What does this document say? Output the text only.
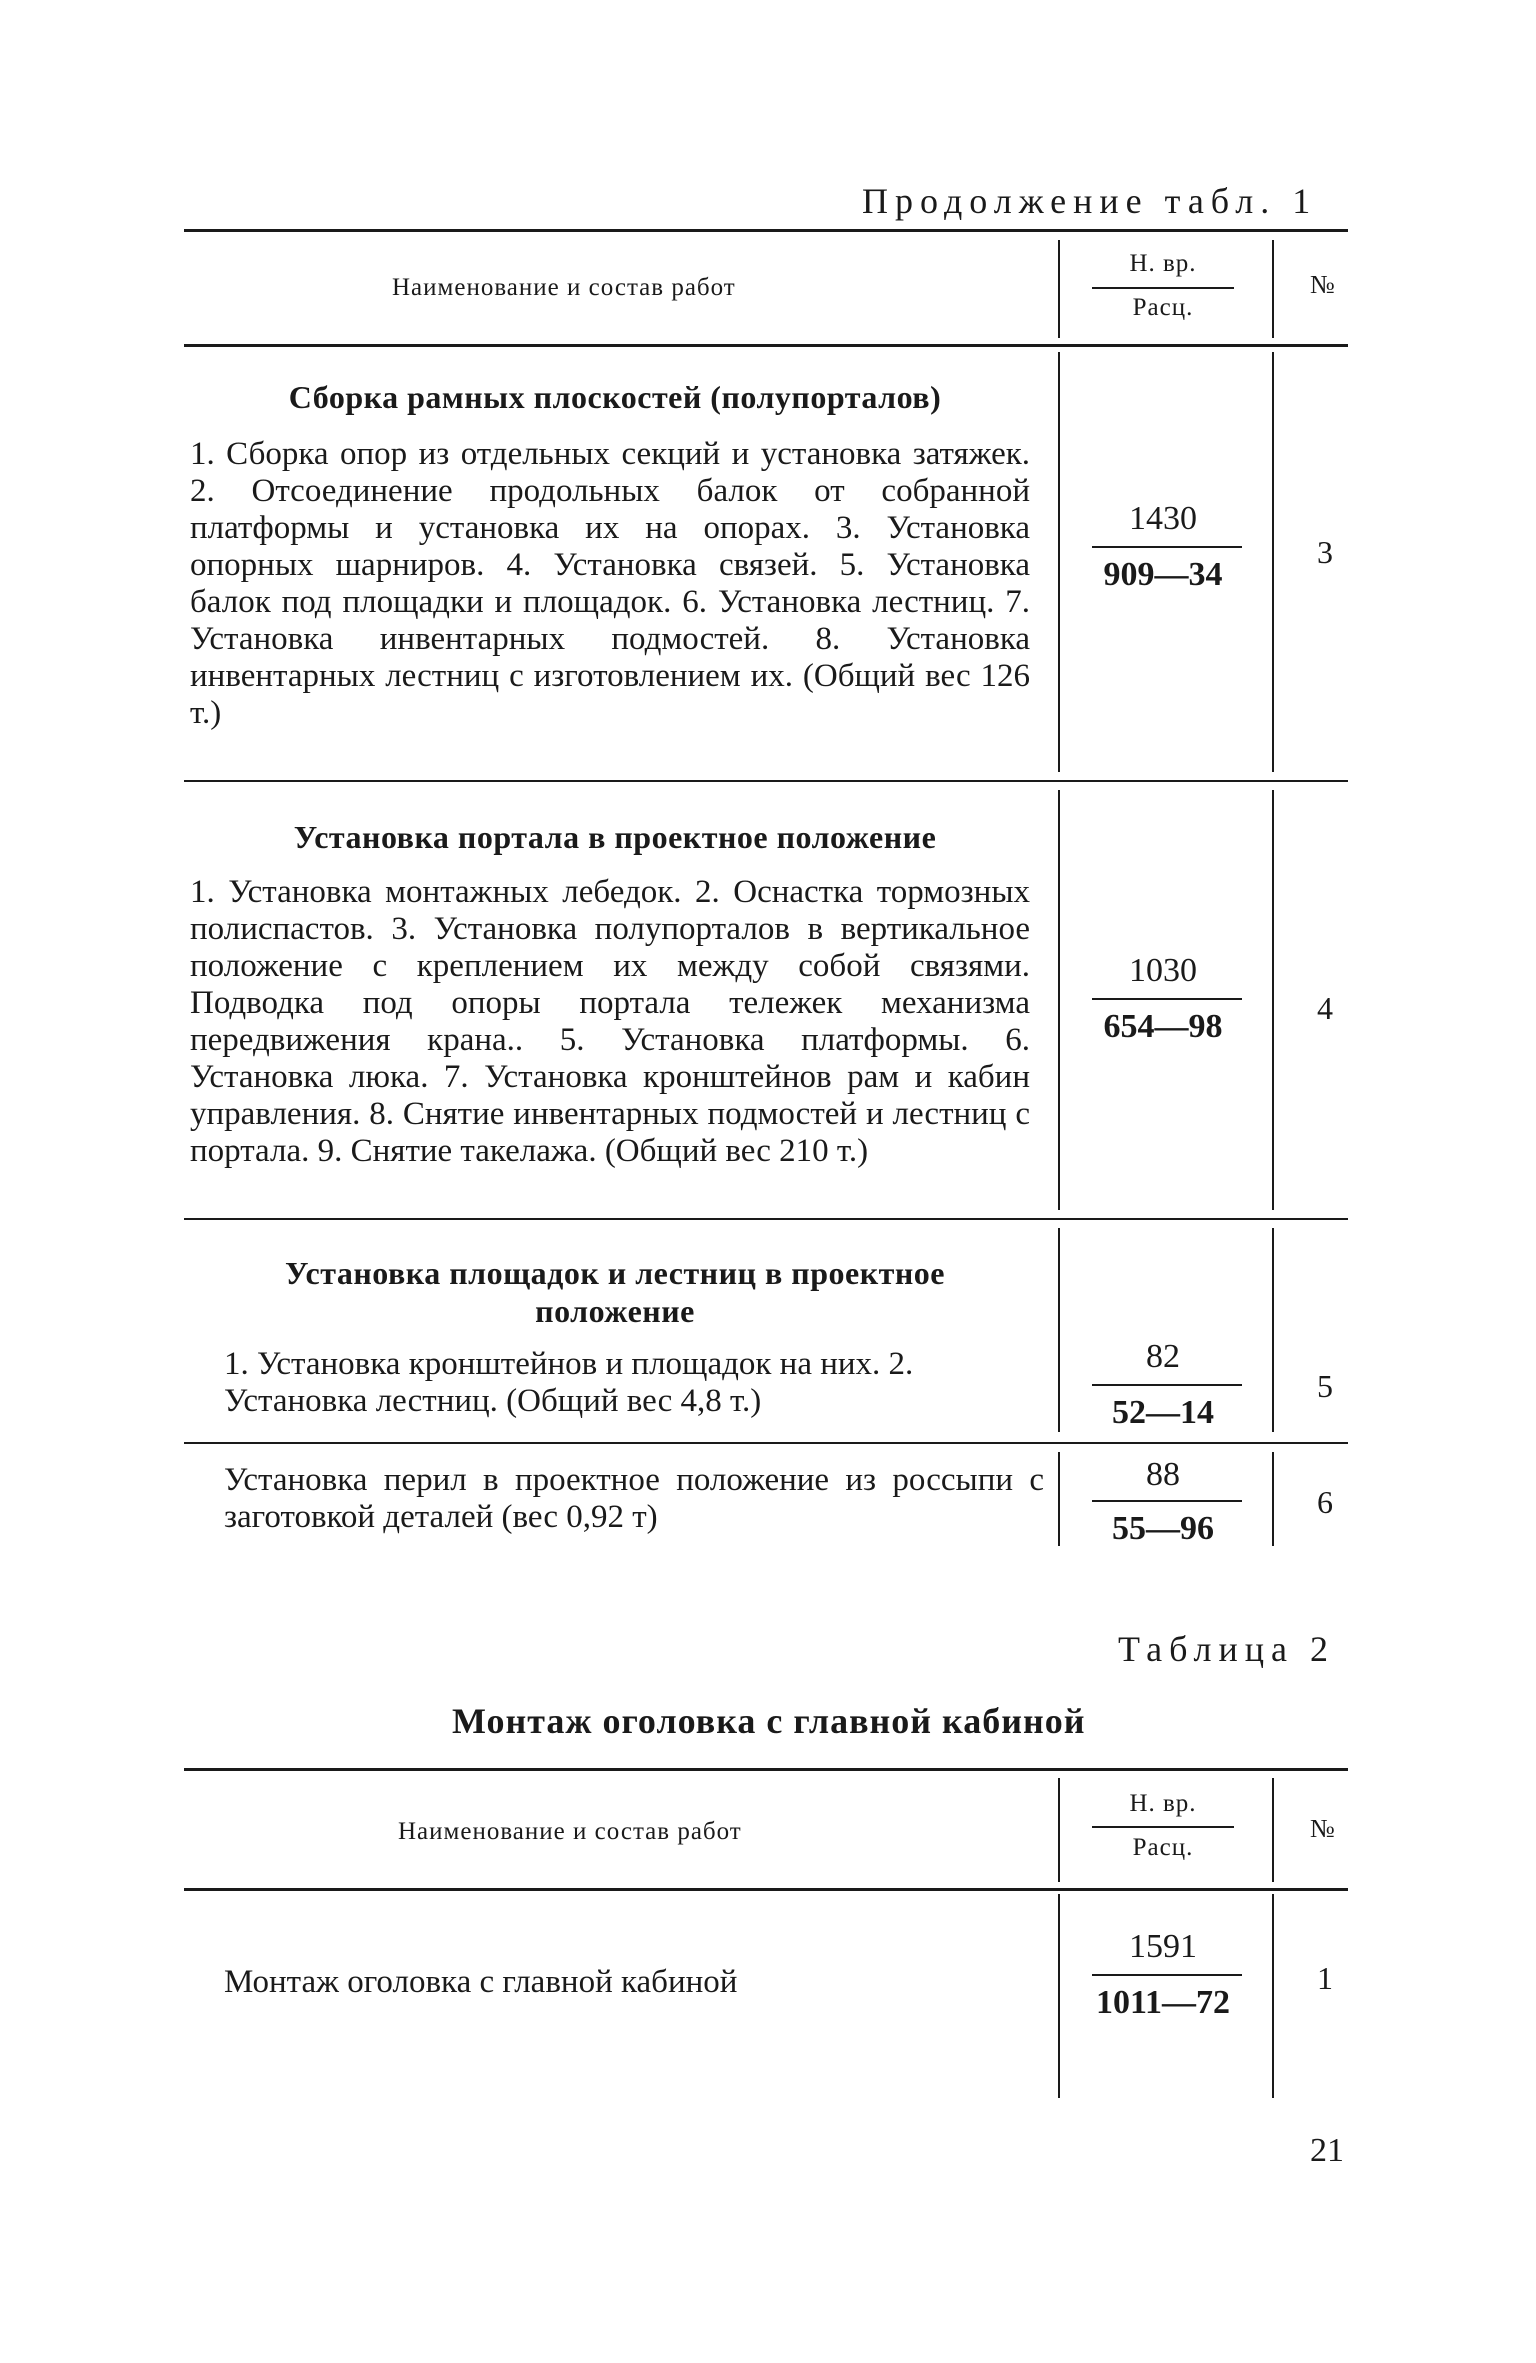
Продолжение табл. 1
Наименование и состав работ
Н. вр.
Расц.
№
Сборка рамных плоскостей (полупорталов)
1. Сборка опор из отдельных секций и установка затяжек. 2. Отсоединение продольных балок от собранной платформы и установка их на опорах. 3. Установка опорных шарниров. 4. Установка связей. 5. Установка балок под площадки и площадок. 6. Установка лестниц. 7. Установка инвентарных подмостей. 8. Установка инвентарных лестниц с изготовлением их. (Общий вес 126 т.)
1430
909—34
3
Установка портала в проектное положение
1. Установка монтажных лебедок. 2. Оснастка тормозных полиспастов. 3. Установка полупорталов в вертикальное положение с креплением их между собой связями. Подводка под опоры портала тележек механизма передвижения крана.. 5. Установка платформы. 6. Установка люка. 7. Установка кронштейнов рам и кабин управления. 8. Снятие инвентарных подмостей и лестниц с портала. 9. Снятие такелажа. (Общий вес 210 т.)
1030
654—98	4
Установка площадок и лестниц в проектное положение
1. Установка кронштейнов и площадок на них. 2. Установка лестниц. (Общий вес 4,8 т.)
82
52—14
5
Установка перил в проектное положение из россыпи с заготовкой деталей (вес 0,92 т)
88
55—96
6
Таблица 2
Монтаж оголовка с главной кабиной
Наименование и состав работ
Н. вр.
Расц.
№
Монтаж оголовка с главной кабиной
1591
1011—72
1
21
